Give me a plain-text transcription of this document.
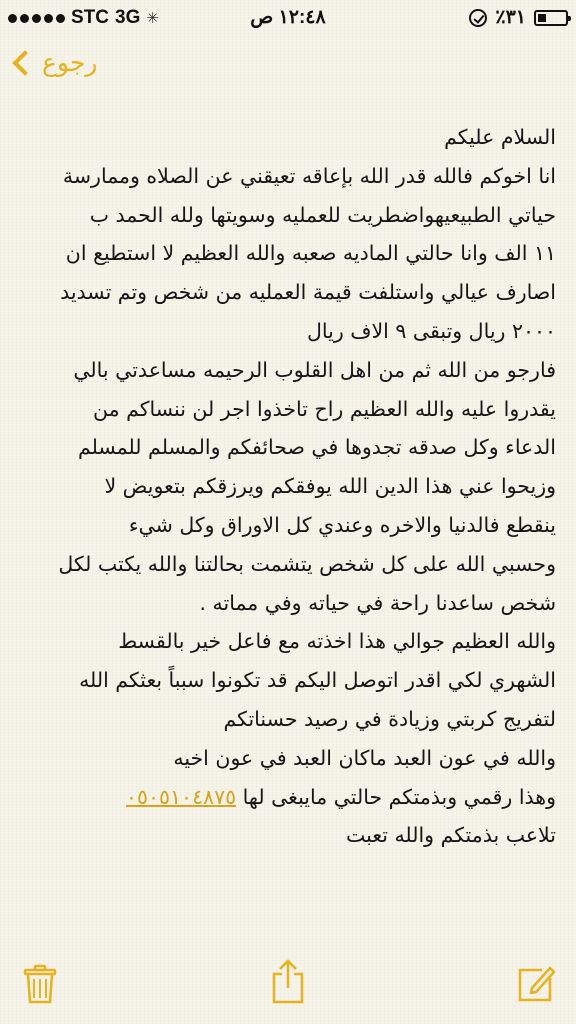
STC 3G ✳	١٢:٤٨ ص	٪٣١
رجوع
السلام عليكم
انا اخوكم فالله قدر الله بإعاقه تعيقني عن الصلاه وممارسة
حياتي الطبيعيهواضطريت للعمليه وسويتها ولله الحمد ب
١١ الف وانا حالتي الماديه صعبه والله العظيم لا استطيع ان
اصارف عيالي واستلفت قيمة العمليه من شخص وتم تسديد
٢٠٠٠ ريال وتبقى ٩ الاف ريال
فارجو من الله ثم من اهل القلوب الرحيمه مساعدتي بالي
يقدروا عليه والله العظيم راح تاخذوا اجر لن ننساكم من
الدعاء وكل صدقه تجدوها في صحائفكم والمسلم للمسلم
وزيحوا عني هذا الدين الله يوفقكم ويرزقكم بتعويض لا
ينقطع فالدنيا والاخره وعندي كل الاوراق وكل شيء
وحسبي الله على كل شخص يتشمت بحالتنا والله يكتب لكل
شخص ساعدنا راحة في حياته وفي مماته .
والله العظيم جوالي هذا اخذته مع فاعل خير بالقسط
الشهري لكي اقدر اتوصل اليكم قد تكونوا سبباً بعثكم الله
لتفريج كربتي وزيادة في رصيد حسناتكم
والله في عون العبد ماكان العبد في عون اخيه
وهذا رقمي وبذمتكم حالتي مايبغى لها ٠٥٠٥١٠٤٨٧٥
تلاعب بذمتكم والله تعبت
